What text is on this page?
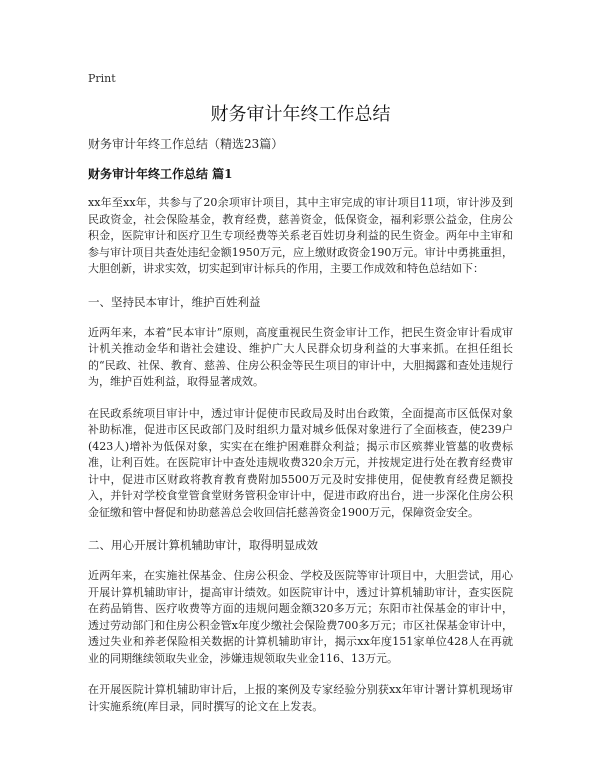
Print

财务审计年终工作总结

财务审计年终工作总结（精选23篇）

财务审计年终工作总结 篇1

xx年至xx年，共参与了20余项审计项目，其中主审完成的审计项目11项，审计涉及到民政资金，社会保险基金，教育经费，慈善资金，低保资金，福利彩票公益金，住房公积金，医院审计和医疗卫生专项经费等关系老百姓切身利益的民生资金。两年中主审和参与审计项目共查处违纪金额1950万元，应上缴财政资金190万元。审计中勇挑重担，大胆创新，讲求实效，切实起到审计标兵的作用，主要工作成效和特色总结如下：

一、坚持民本审计，维护百姓利益

近两年来，本着“民本审计”原则，高度重视民生资金审计工作，把民生资金审计看成审计机关推动金华和谐社会建设、维护广大人民群众切身利益的大事来抓。在担任组长的“民政、社保、教育、慈善、住房公积金等民生项目的审计中，大胆揭露和查处违规行为，维护百姓利益，取得显著成效。

在民政系统项目审计中，透过审计促使市民政局及时出台政策，全面提高市区低保对象补助标准，促进市区民政部门及时组织力量对城乡低保对象进行了全面核查，使239户(423人)增补为低保对象，实实在在维护困难群众利益；揭示市区殡葬业管墓的收费标准，让利百姓。在医院审计中查处违规收费320余万元，并按规定进行处在教育经费审计中，促进市区财政将教育教育费附加5500万元及时安排使用，促使教育经费足额投入，并针对学校食堂管食堂财务管积金审计中，促进市政府出台，进一步深化住房公积金征缴和管中督促和协助慈善总会收回信托慈善资金1900万元，保障资金安全。

二、用心开展计算机辅助审计，取得明显成效

近两年来，在实施社保基金、住房公积金、学校及医院等审计项目中，大胆尝试，用心开展计算机辅助审计，提高审计绩效。如医院审计中，透过计算机辅助审计，查实医院在药品销售、医疗收费等方面的违规问题金额320多万元；东阳市社保基金的审计中，透过劳动部门和住房公积金管x年度少缴社会保险费700多万元；市区社保基金审计中，透过失业和养老保险相关数据的计算机辅助审计，揭示xx年度151家单位428人在再就业的同期继续领取失业金，涉嫌违规领取失业金116、13万元。

在开展医院计算机辅助审计后，上报的案例及专家经验分别获xx年审计署计算机现场审计实施系统(库目录，同时撰写的论文在上发表。
